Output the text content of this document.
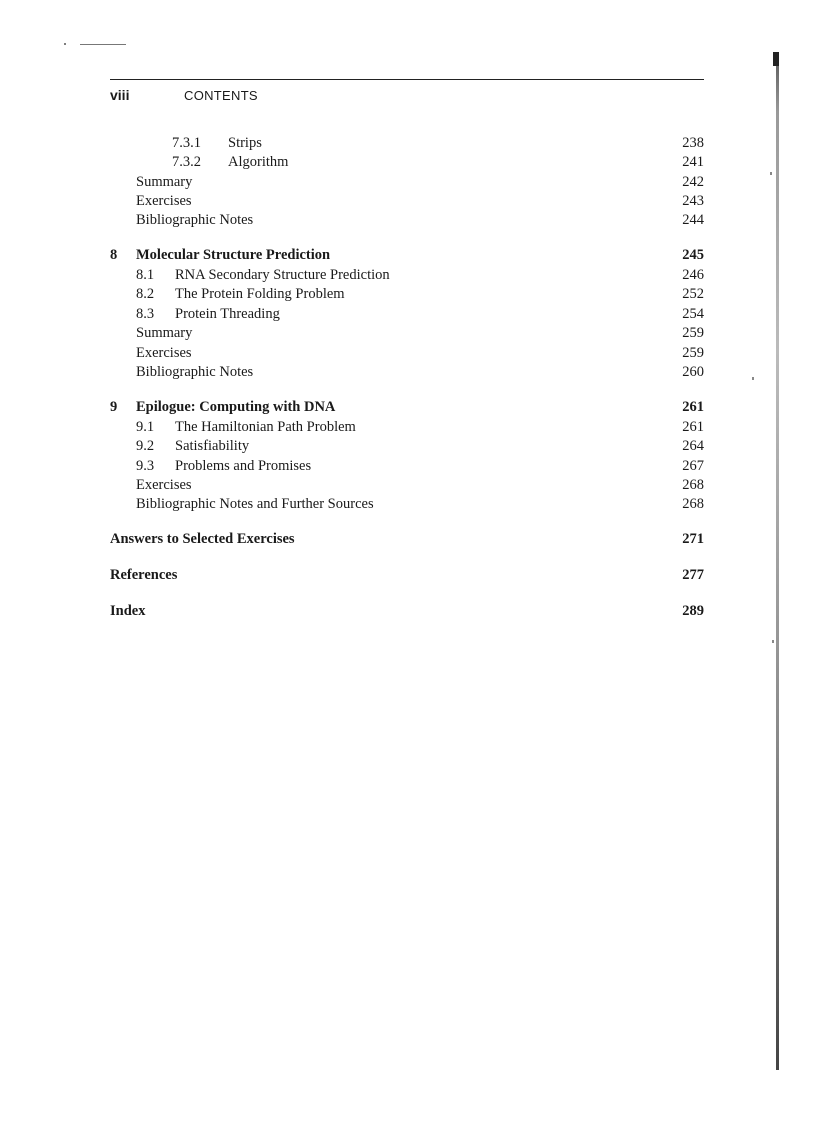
viii	CONTENTS
7.3.1 Strips	238
7.3.2 Algorithm	241
Summary	242
Exercises	243
Bibliographic Notes	244
8 Molecular Structure Prediction	245
8.1 RNA Secondary Structure Prediction	246
8.2 The Protein Folding Problem	252
8.3 Protein Threading	254
Summary	259
Exercises	259
Bibliographic Notes	260
9 Epilogue: Computing with DNA	261
9.1 The Hamiltonian Path Problem	261
9.2 Satisfiability	264
9.3 Problems and Promises	267
Exercises	268
Bibliographic Notes and Further Sources	268
Answers to Selected Exercises	271
References	277
Index	289
